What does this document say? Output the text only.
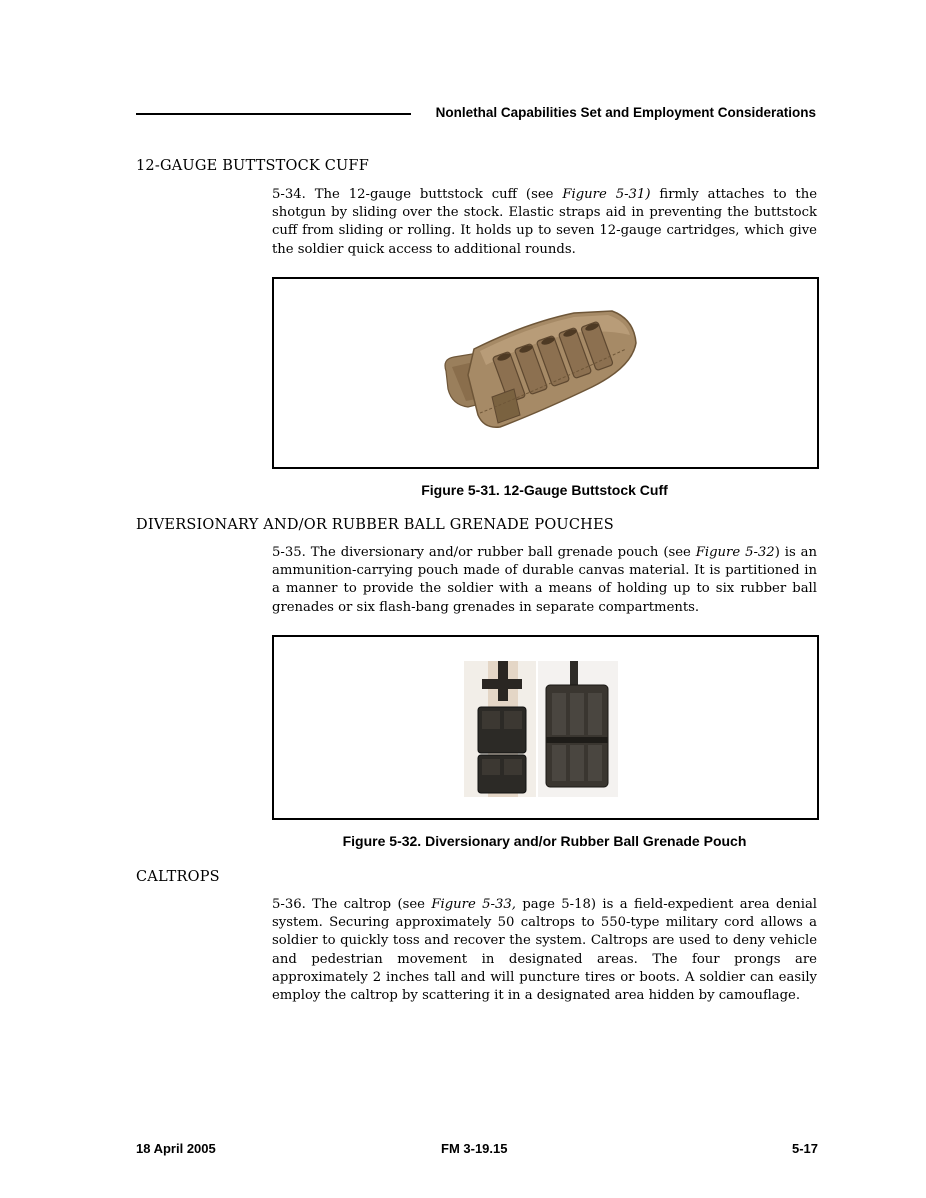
Nonlethal Capabilities Set and Employment Considerations
12-GAUGE BUTTSTOCK CUFF
5-34. The 12-gauge buttstock cuff (see Figure 5-31) firmly attaches to the shotgun by sliding over the stock. Elastic straps aid in preventing the buttstock cuff from sliding or rolling. It holds up to seven 12-gauge cartridges, which give the soldier quick access to additional rounds.
Figure 5-31. 12-Gauge Buttstock Cuff
DIVERSIONARY AND/OR RUBBER BALL GRENADE POUCHES
5-35. The diversionary and/or rubber ball grenade pouch (see Figure 5-32) is an ammunition-carrying pouch made of durable canvas material. It is partitioned in a manner to provide the soldier with a means of holding up to six rubber ball grenades or six flash-bang grenades in separate compartments.
Figure 5-32. Diversionary and/or Rubber Ball Grenade Pouch
CALTROPS
5-36. The caltrop (see Figure 5-33, page 5-18) is a field-expedient area denial system. Securing approximately 50 caltrops to 550-type military cord allows a soldier to quickly toss and recover the system. Caltrops are used to deny vehicle and pedestrian movement in designated areas. The four prongs are approximately 2 inches tall and will puncture tires or boots. A soldier can easily employ the caltrop by scattering it in a designated area hidden by camouflage.
18 April 2005	FM 3-19.15	5-17
